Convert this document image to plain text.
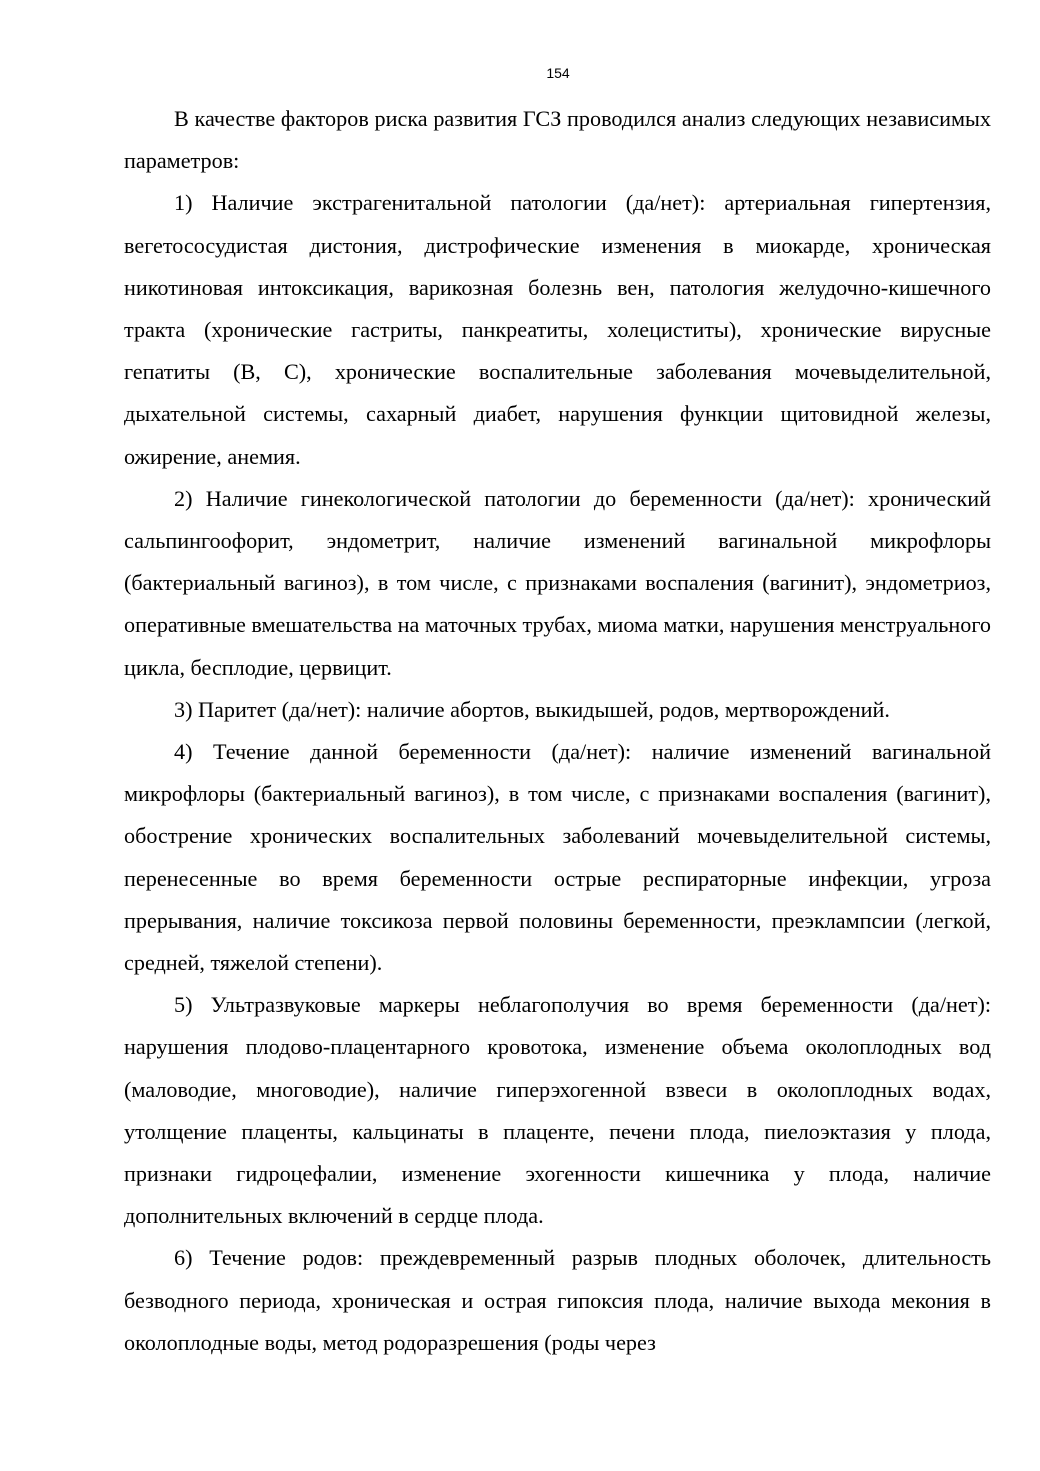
154

В качестве факторов риска развития ГСЗ проводился анализ следующих независимых параметров:

1) Наличие экстрагенитальной патологии (да/нет): артериальная гипертензия, вегетососудистая дистония, дистрофические изменения в миокарде, хроническая никотиновая интоксикация, варикозная болезнь вен, патология желудочно-кишечного тракта (хронические гастриты, панкреатиты, холециститы), хронические вирусные гепатиты (В, С), хронические воспалительные заболевания мочевыделительной, дыхательной системы, сахарный диабет, нарушения функции щитовидной железы, ожирение, анемия.

2) Наличие гинекологической патологии до беременности (да/нет): хронический сальпингоофорит, эндометрит, наличие изменений вагинальной микрофлоры (бактериальный вагиноз), в том числе, с признаками воспаления (вагинит), эндометриоз, оперативные вмешательства на маточных трубах, миома матки, нарушения менструального цикла, бесплодие, цервицит.

3) Паритет (да/нет): наличие абортов, выкидышей, родов, мертворождений.

4) Течение данной беременности (да/нет): наличие изменений вагинальной микрофлоры (бактериальный вагиноз), в том числе, с признаками воспаления (вагинит), обострение хронических воспалительных заболеваний мочевыделительной системы, перенесенные во время беременности острые респираторные инфекции, угроза прерывания, наличие токсикоза первой половины беременности, преэклампсии (легкой, средней, тяжелой степени).

5) Ультразвуковые маркеры неблагополучия во время беременности (да/нет): нарушения плодово-плацентарного кровотока, изменение объема околоплодных вод (маловодие, многоводие), наличие гиперэхогенной взвеси в околоплодных водах, утолщение плаценты, кальцинаты в плаценте, печени плода, пиелоэктазия у плода, признаки гидроцефалии, изменение эхогенности кишечника у плода, наличие дополнительных включений в сердце плода.

6) Течение родов: преждевременный разрыв плодных оболочек, длительность безводного периода, хроническая и острая гипоксия плода, наличие выхода мекония в околоплодные воды, метод родоразрешения (роды через
